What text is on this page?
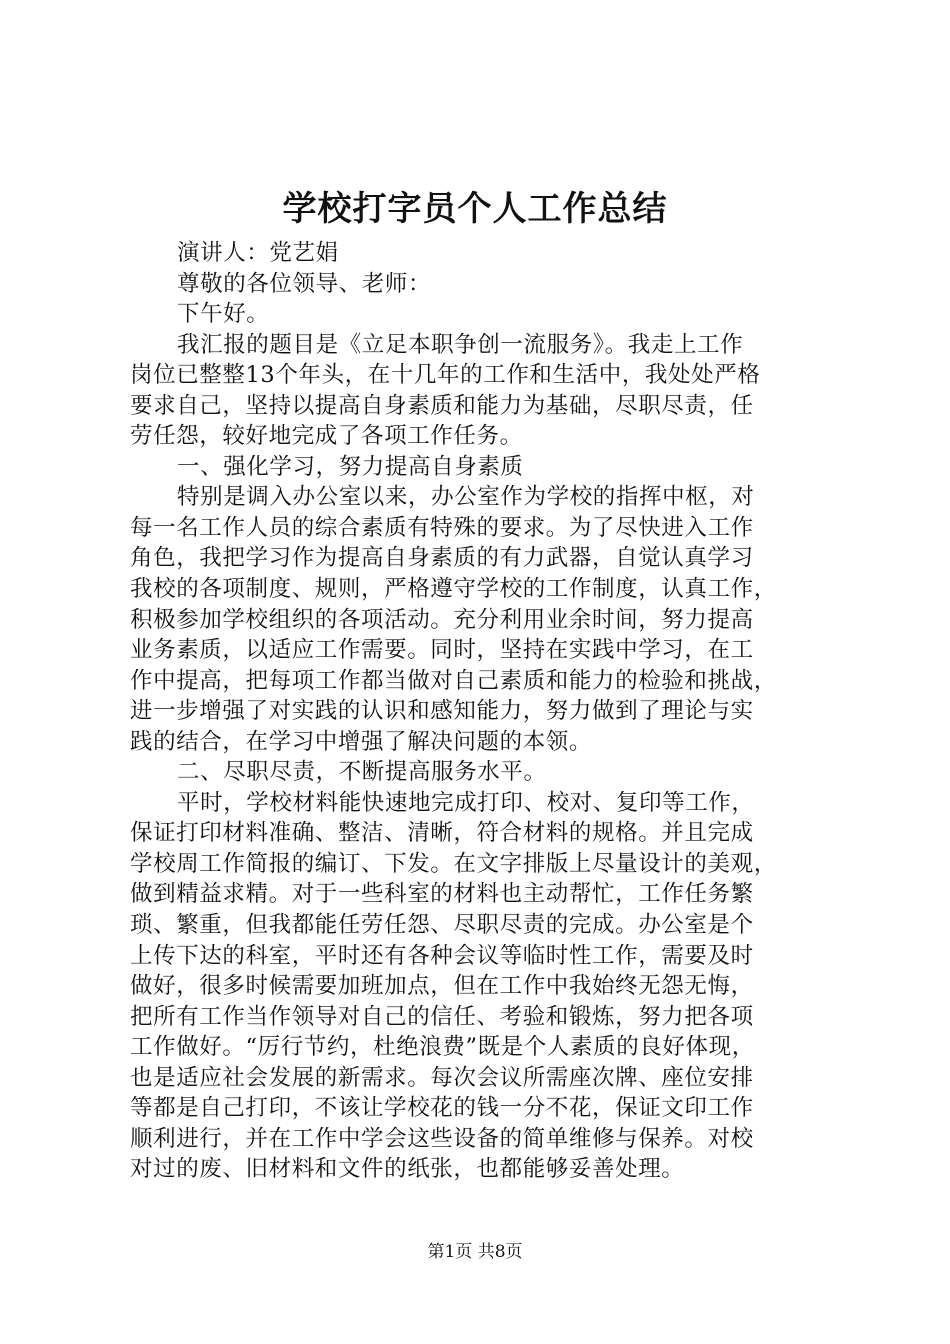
学校打字员个人工作总结

演讲人：党艺娟

尊敬的各位领导、老师：

下午好。

我汇报的题目是《立足本职争创一流服务》。我走上工作

岗位已整整13个年头，在十几年的工作和生活中，我处处严格

要求自己，坚持以提高自身素质和能力为基础，尽职尽责，任

劳任怨，较好地完成了各项工作任务。

一、强化学习，努力提高自身素质

特别是调入办公室以来，办公室作为学校的指挥中枢，对

每一名工作人员的综合素质有特殊的要求。为了尽快进入工作

角色，我把学习作为提高自身素质的有力武器，自觉认真学习

我校的各项制度、规则，严格遵守学校的工作制度，认真工作，

积极参加学校组织的各项活动。充分利用业余时间，努力提高

业务素质，以适应工作需要。同时，坚持在实践中学习，在工

作中提高，把每项工作都当做对自己素质和能力的检验和挑战，

进一步增强了对实践的认识和感知能力，努力做到了理论与实

践的结合，在学习中增强了解决问题的本领。

二、尽职尽责，不断提高服务水平。

平时，学校材料能快速地完成打印、校对、复印等工作，

保证打印材料准确、整洁、清晰，符合材料的规格。并且完成

学校周工作简报的编订、下发。在文字排版上尽量设计的美观，

做到精益求精。对于一些科室的材料也主动帮忙，工作任务繁

琐、繁重，但我都能任劳任怨、尽职尽责的完成。办公室是个

上传下达的科室，平时还有各种会议等临时性工作，需要及时

做好，很多时候需要加班加点，但在工作中我始终无怨无悔，

把所有工作当作领导对自己的信任、考验和锻炼，努力把各项

工作做好。“厉行节约，杜绝浪费”既是个人素质的良好体现，

也是适应社会发展的新需求。每次会议所需座次牌、座位安排

等都是自己打印，不该让学校花的钱一分不花，保证文印工作

顺利进行，并在工作中学会这些设备的简单维修与保养。对校

对过的废、旧材料和文件的纸张，也都能够妥善处理。

第1页 共8页
